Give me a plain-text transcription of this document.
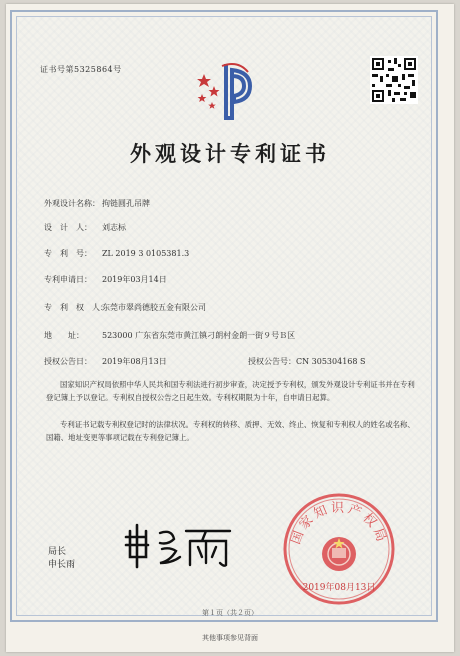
证书号第5325864号
外观设计专利证书
外观设计名称： 拘链圆孔吊牌
设　计　人： 刘志标
专　利　号： ZL 2019 3 0105381.3
专利申请日： 2019年03月14日
专　利　权　人：东莞市翠尚德胶五金有限公司
地　　址： 523000 广东省东莞市黄江镇刁朗村金朗一街９号Ｂ区
授权公告日： 2019年08月13日	授权公告号：CN 305304168 S
国家知识产权局依照中华人民共和国专利法进行初步审查，决定授予专利权，颁发外观设计专利证书并在专利登记簿上予以登记。专利权自授权公告之日起生效。专利权期限为十年，自申请日起算。
专利证书记载专利权登记时的法律状况。专利权的转移、质押、无效、终止、恢复和专利权人的姓名或名称、国籍、地址变更等事项记载在专利登记簿上。
局长
申长雨
国家知识产权局
2019年08月13日
第１页（共２页）
其他事项参见背面
